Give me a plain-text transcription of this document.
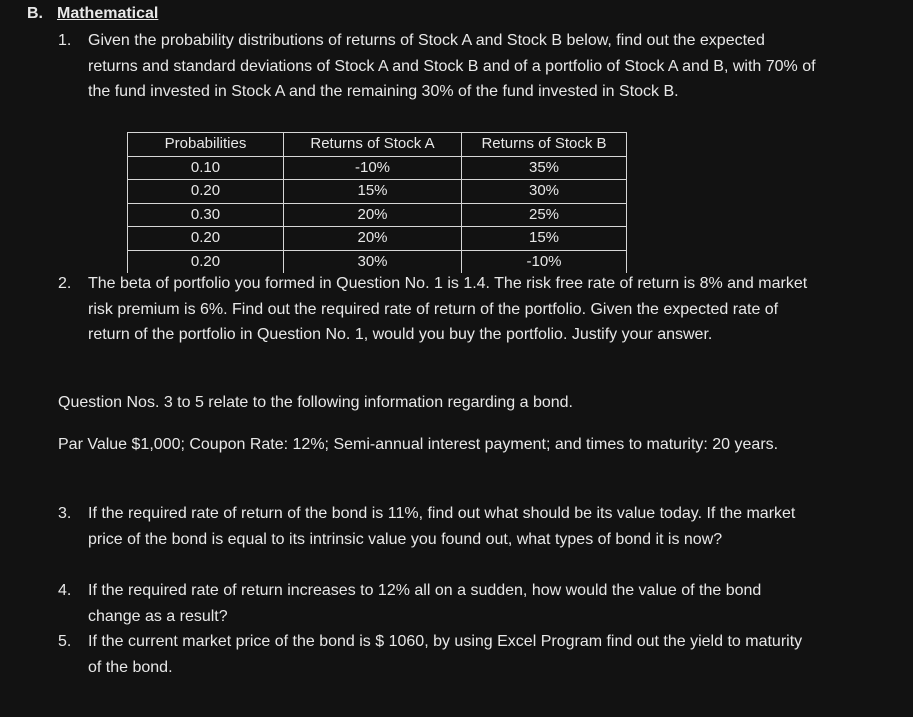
B. Mathematical
1.	Given the probability distributions of returns of Stock A and Stock B below, find out the expected returns and standard deviations of Stock A and Stock B and of a portfolio of Stock A and B, with 70% of the fund invested in Stock A and the remaining 30% of the fund invested in Stock B.
Probabilities	Returns of Stock A	Returns of Stock B
0.10	-10%	35%
0.20	15%	30%
0.30	20%	25%
0.20	20%	15%
0.20	30%	-10%
2.	The beta of portfolio you formed in Question No. 1 is 1.4. The risk free rate of return is 8% and market risk premium is 6%. Find out the required rate of return of the portfolio. Given the expected rate of return of the portfolio in Question No. 1, would you buy the portfolio. Justify your answer.
Question Nos. 3 to 5 relate to the following information regarding a bond.
Par Value $1,000; Coupon Rate: 12%; Semi-annual interest payment; and times to maturity: 20 years.
3.	If the required rate of return of the bond is 11%, find out what should be its value today. If the market price of the bond is equal to its intrinsic value you found out, what types of bond it is now?
4.	If the required rate of return increases to 12% all on a sudden, how would the value of the bond change as a result?
5.	If the current market price of the bond is $ 1060, by using Excel Program find out the yield to maturity of the bond.
